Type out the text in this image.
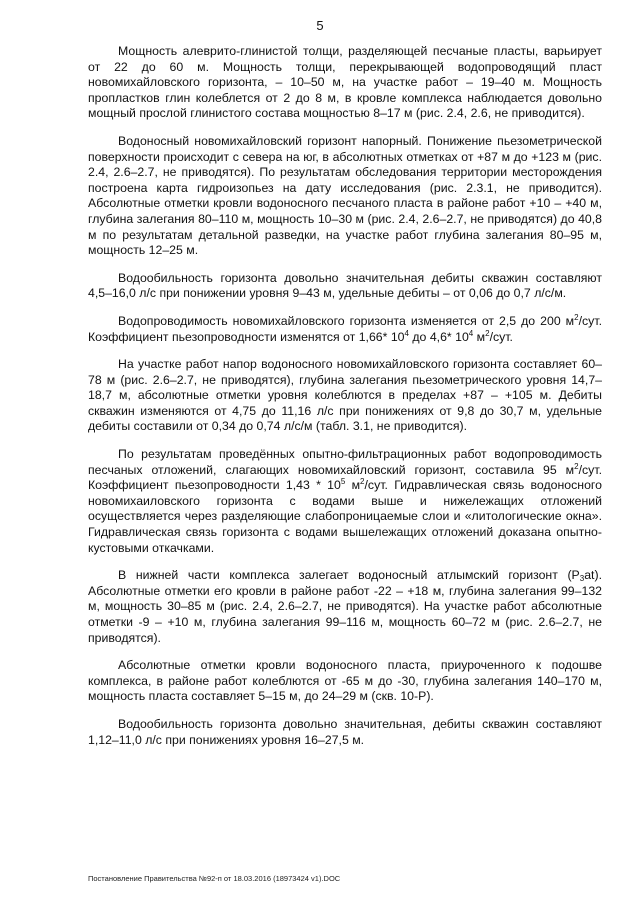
5

Мощность алеврито-глинистой толщи, разделяющей песчаные пласты, варьирует от 22 до 60 м. Мощность толщи, перекрывающей водопроводящий пласт новомихайловского горизонта, – 10–50 м, на участке работ – 19–40 м. Мощность пропластков глин колеблется от 2 до 8 м, в кровле комплекса наблюдается довольно мощный прослой глинистого состава мощностью 8–17 м (рис. 2.4, 2.6, не приводится).

Водоносный новомихайловский горизонт напорный. Понижение пьезометрической поверхности происходит с севера на юг, в абсолютных отметках от +87 м до +123 м (рис. 2.4, 2.6–2.7, не приводятся). По результатам обследования территории месторождения построена карта гидроизопьез на дату исследования (рис. 2.3.1, не приводится). Абсолютные отметки кровли водоносного песчаного пласта в районе работ +10 – +40 м, глубина залегания 80–110 м, мощность 10–30 м (рис. 2.4, 2.6–2.7, не приводятся) до 40,8 м по результатам детальной разведки, на участке работ глубина залегания 80–95 м, мощность 12–25 м.

Водообильность горизонта довольно значительная дебиты скважин составляют 4,5–16,0 л/с при понижении уровня 9–43 м, удельные дебиты – от 0,06 до 0,7 л/с/м.

Водопроводимость новомихайловского горизонта изменяется от 2,5 до 200 $м^2$/сут. Коэффициент пьезопроводности изменятся от 1,66* $10^4$ до 4,6* $10^4$ $м^2$/сут.

На участке работ напор водоносного новомихайловского горизонта составляет 60–78 м (рис. 2.6–2.7, не приводятся), глубина залегания пьезометрического уровня 14,7–18,7 м, абсолютные отметки уровня колеблются в пределах +87 – +105 м. Дебиты скважин изменяются от 4,75 до 11,16 л/с при понижениях от 9,8 до 30,7 м, удельные дебиты составили от 0,34 до 0,74 л/с/м (табл. 3.1, не приводится).

По результатам проведённых опытно-фильтрационных работ водопроводимость песчаных отложений, слагающих новомихайловский горизонт, составила 95 $м^2$/сут. Коэффициент пьезопроводности $1,43 * 10^5$ $м^2$/сут. Гидравлическая связь водоносного новомихаиловского горизонта с водами выше и нижележащих отложений осуществляется через разделяющие слабопроницаемые слои и «литологические окна». Гидравлическая связь горизонта с водами вышележащих отложений доказана опытно-кустовыми откачками.

В нижней части комплекса залегает водоносный атлымский горизонт $(P_3at)$. Абсолютные отметки его кровли в районе работ -22 – +18 м, глубина залегания 99–132 м, мощность 30–85 м (рис. 2.4, 2.6–2.7, не приводятся). На участке работ абсолютные отметки -9 – +10 м, глубина залегания 99–116 м, мощность 60–72 м (рис. 2.6–2.7, не приводятся).

Абсолютные отметки кровли водоносного пласта, приуроченного к подошве комплекса, в районе работ колеблются от -65 м до -30, глубина залегания 140–170 м, мощность пласта составляет 5–15 м, до 24–29 м (скв. 10-Р).

Водообильность горизонта довольно значительная, дебиты скважин составляют 1,12–11,0 л/с при понижениях уровня 16–27,5 м.

Постановление Правительства №92-п от 18.03.2016 (18973424 v1).DOC
